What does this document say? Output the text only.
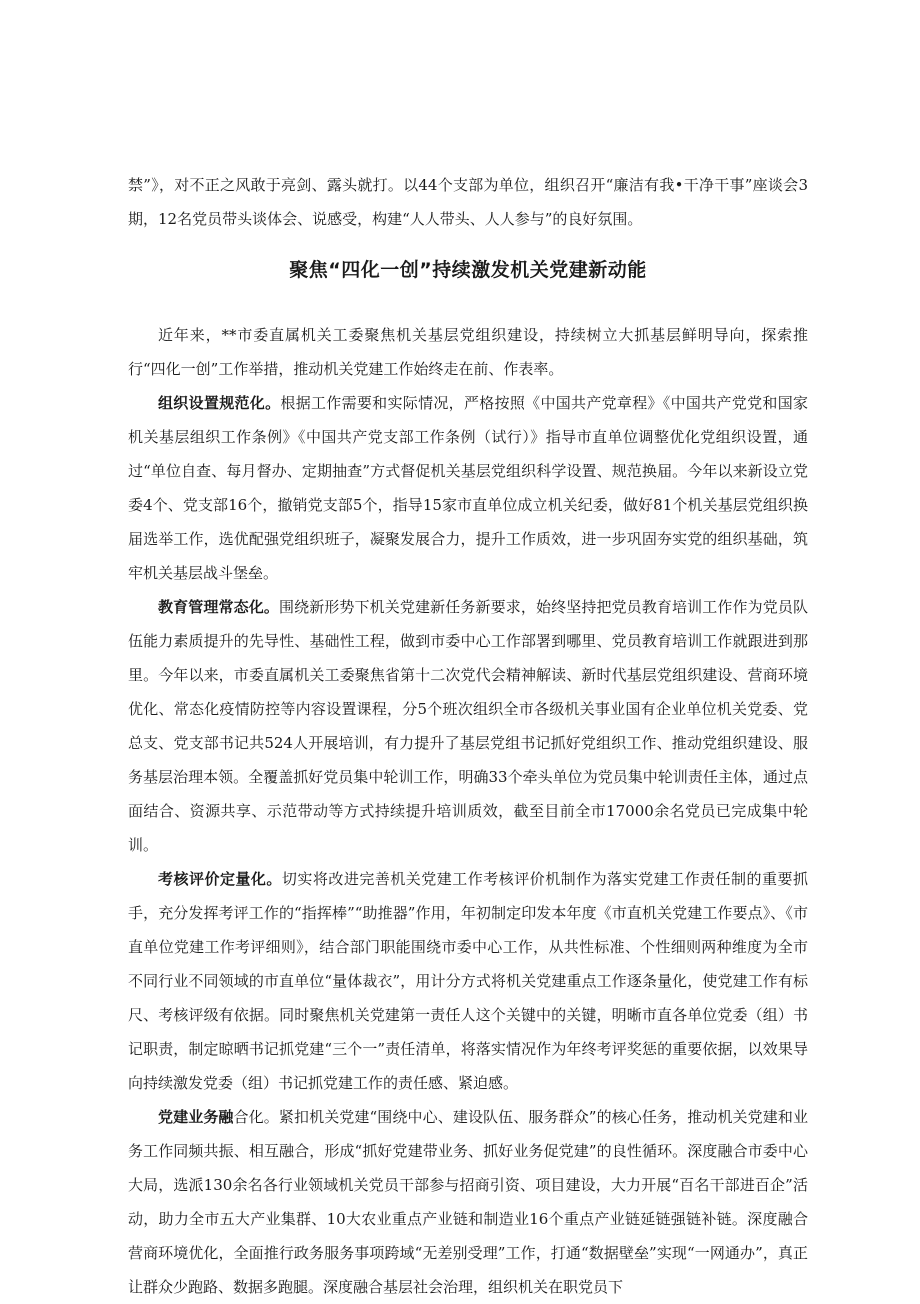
禁”》，对不正之风敢于亮剑、露头就打。以44个支部为单位，组织召开“廉洁有我•干净干事”座谈会3期，12名党员带头谈体会、说感受，构建“人人带头、人人参与”的良好氛围。

聚焦“四化一创”持续激发机关党建新动能

近年来，**市委直属机关工委聚焦机关基层党组织建设，持续树立大抓基层鲜明导向，探索推行“四化一创”工作举措，推动机关党建工作始终走在前、作表率。

组织设置规范化。根据工作需要和实际情况，严格按照《中国共产党章程》《中国共产党党和国家机关基层组织工作条例》《中国共产党支部工作条例（试行）》指导市直单位调整优化党组织设置，通过“单位自查、每月督办、定期抽查”方式督促机关基层党组织科学设置、规范换届。今年以来新设立党委4个、党支部16个，撤销党支部5个，指导15家市直单位成立机关纪委，做好81个机关基层党组织换届选举工作，选优配强党组织班子，凝聚发展合力，提升工作质效，进一步巩固夯实党的组织基础，筑牢机关基层战斗堡垒。

教育管理常态化。围绕新形势下机关党建新任务新要求，始终坚持把党员教育培训工作作为党员队伍能力素质提升的先导性、基础性工程，做到市委中心工作部署到哪里、党员教育培训工作就跟进到那里。今年以来，市委直属机关工委聚焦省第十二次党代会精神解读、新时代基层党组织建设、营商环境优化、常态化疫情防控等内容设置课程，分5个班次组织全市各级机关事业国有企业单位机关党委、党总支、党支部书记共524人开展培训，有力提升了基层党组书记抓好党组织工作、推动党组织建设、服务基层治理本领。全覆盖抓好党员集中轮训工作，明确33个牵头单位为党员集中轮训责任主体，通过点面结合、资源共享、示范带动等方式持续提升培训质效，截至目前全市17000余名党员已完成集中轮训。

考核评价定量化。切实将改进完善机关党建工作考核评价机制作为落实党建工作责任制的重要抓手，充分发挥考评工作的“指挥棒”“助推器”作用，年初制定印发本年度《市直机关党建工作要点》、《市直单位党建工作考评细则》，结合部门职能围绕市委中心工作，从共性标准、个性细则两种维度为全市不同行业不同领域的市直单位“量体裁衣”，用计分方式将机关党建重点工作逐条量化，使党建工作有标尺、考核评级有依据。同时聚焦机关党建第一责任人这个关键中的关键，明晰市直各单位党委（组）书记职责，制定晾晒书记抓党建“三个一”责任清单，将落实情况作为年终考评奖惩的重要依据，以效果导向持续激发党委（组）书记抓党建工作的责任感、紧迫感。

党建业务融合化。紧扣机关党建“围绕中心、建设队伍、服务群众”的核心任务，推动机关党建和业务工作同频共振、相互融合，形成“抓好党建带业务、抓好业务促党建”的良性循环。深度融合市委中心大局，选派130余名各行业领域机关党员干部参与招商引资、项目建设，大力开展“百名干部进百企”活动，助力全市五大产业集群、10大农业重点产业链和制造业16个重点产业链延链强链补链。深度融合营商环境优化，全面推行政务服务事项跨域“无差别受理”工作，打通“数据壁垒”实现“一网通办”，真正让群众少跑路、数据多跑腿。深度融合基层社会治理，组织机关在职党员下
